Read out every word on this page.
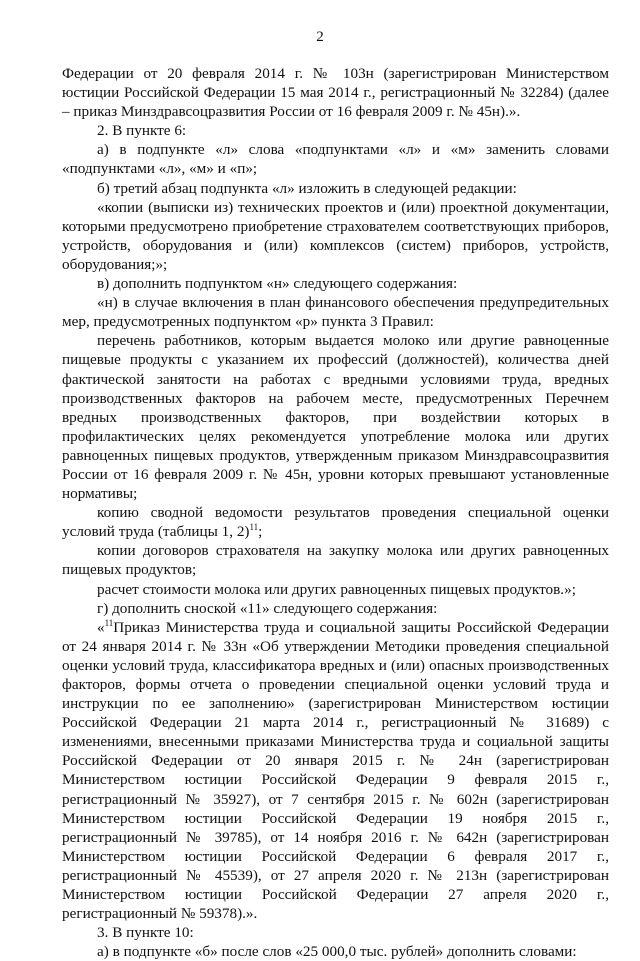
2

Федерации от 20 февраля 2014 г. № 103н (зарегистрирован Министерством юстиции Российской Федерации 15 мая 2014 г., регистрационный № 32284) (далее – приказ Минздравсоцразвития России от 16 февраля 2009 г. № 45н).».

2. В пункте 6:

а) в подпункте «л» слова «подпунктами «л» и «м» заменить словами «подпунктами «л», «м» и «п»;

б) третий абзац подпункта «л» изложить в следующей редакции:

«копии (выписки из) технических проектов и (или) проектной документации, которыми предусмотрено приобретение страхователем соответствующих приборов, устройств, оборудования и (или) комплексов (систем) приборов, устройств, оборудования;»;

в) дополнить подпунктом «н» следующего содержания:

«н) в случае включения в план финансового обеспечения предупредительных мер, предусмотренных подпунктом «р» пункта 3 Правил:

перечень работников, которым выдается молоко или другие равноценные пищевые продукты с указанием их профессий (должностей), количества дней фактической занятости на работах с вредными условиями труда, вредных производственных факторов на рабочем месте, предусмотренных Перечнем вредных производственных факторов, при воздействии которых в профилактических целях рекомендуется употребление молока или других равноценных пищевых продуктов, утвержденным приказом Минздравсоцразвития России от 16 февраля 2009 г. № 45н, уровни которых превышают установленные нормативы;

копию сводной ведомости результатов проведения специальной оценки условий труда (таблицы 1, 2)$^{11}$;

копии договоров страхователя на закупку молока или других равноценных пищевых продуктов;

расчет стоимости молока или других равноценных пищевых продуктов.»;

г) дополнить сноской «11» следующего содержания:

«$^{11}$Приказ Министерства труда и социальной защиты Российской Федерации от 24 января 2014 г. № 33н «Об утверждении Методики проведения специальной оценки условий труда, классификатора вредных и (или) опасных производственных факторов, формы отчета о проведении специальной оценки условий труда и инструкции по ее заполнению» (зарегистрирован Министерством юстиции Российской Федерации 21 марта 2014 г., регистрационный № 31689) с изменениями, внесенными приказами Министерства труда и социальной защиты Российской Федерации от 20 января 2015 г. № 24н (зарегистрирован Министерством юстиции Российской Федерации 9 февраля 2015 г., регистрационный № 35927), от 7 сентября 2015 г. № 602н (зарегистрирован Министерством юстиции Российской Федерации 19 ноября 2015 г., регистрационный № 39785), от 14 ноября 2016 г. № 642н (зарегистрирован Министерством юстиции Российской Федерации 6 февраля 2017 г., регистрационный № 45539), от 27 апреля 2020 г. № 213н (зарегистрирован Министерством юстиции Российской Федерации 27 апреля 2020 г., регистрационный № 59378).».

3. В пункте 10:

а) в подпункте «б» после слов «25 000,0 тыс. рублей» дополнить словами:
